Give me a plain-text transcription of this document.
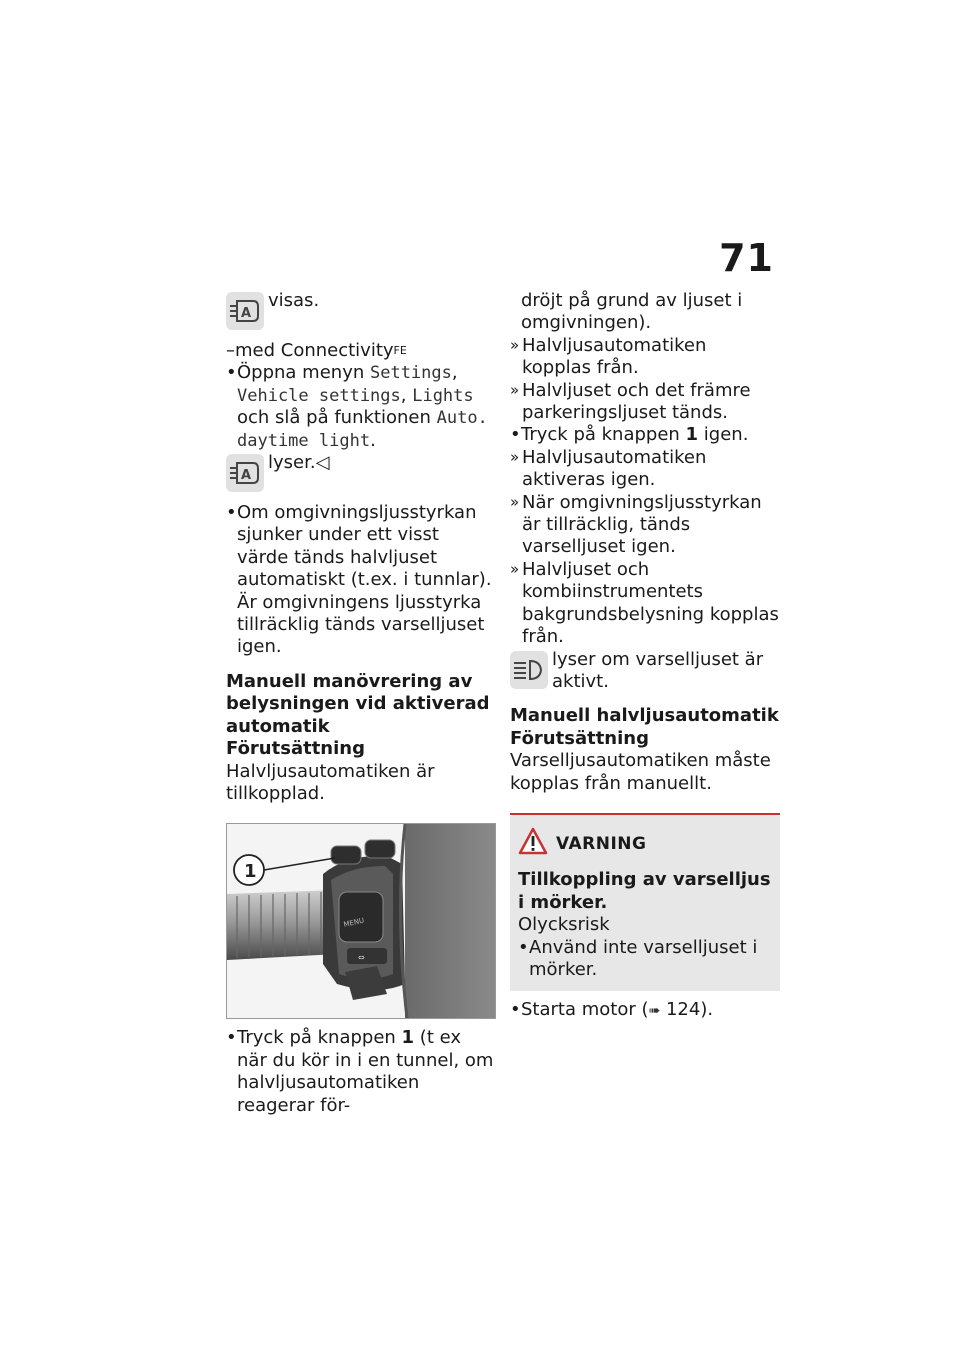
71
A
visas.
–med Connectivity$^{FE}$
• Öppna menyn Settings, Vehicle settings, Lights och slå på funktionen Auto. daytime light.
A
lyser.◁
• Om omgivningsljusstyrkan sjunker under ett visst värde tänds halvljuset automatiskt (t.ex. i tunnlar). Är omgivningens ljusstyrka tillräcklig tänds varselljuset igen.
Manuell manövrering av belysningen vid aktiverad automatik
Förutsättning
Halvljusautomatiken är tillkopplad.
MENU
⇔
1
• Tryck på knappen 1 (t ex när du kör in i en tunnel, om halvljusautomatiken reagerar för-
dröjt på grund av ljuset i omgivningen).
» Halvljusautomatiken kopplas från.
» Halvljuset och det främre parkeringsljuset tänds.
• Tryck på knappen 1 igen.
» Halvljusautomatiken aktiveras igen.
» När omgivningsljusstyrkan är tillräcklig, tänds varselljuset igen.
» Halvljuset och kombiinstrumentets bakgrundsbelysning kopplas från.
lyser om varselljuset är aktivt.
Manuell halvljusautomatik
Förutsättning
Varselljusautomatiken måste kopplas från manuellt.
VARNING
Tillkoppling av varselljus i mörker.
Olycksrisk
• Använd inte varselljuset i mörker.
• Starta motor (➠ 124).
